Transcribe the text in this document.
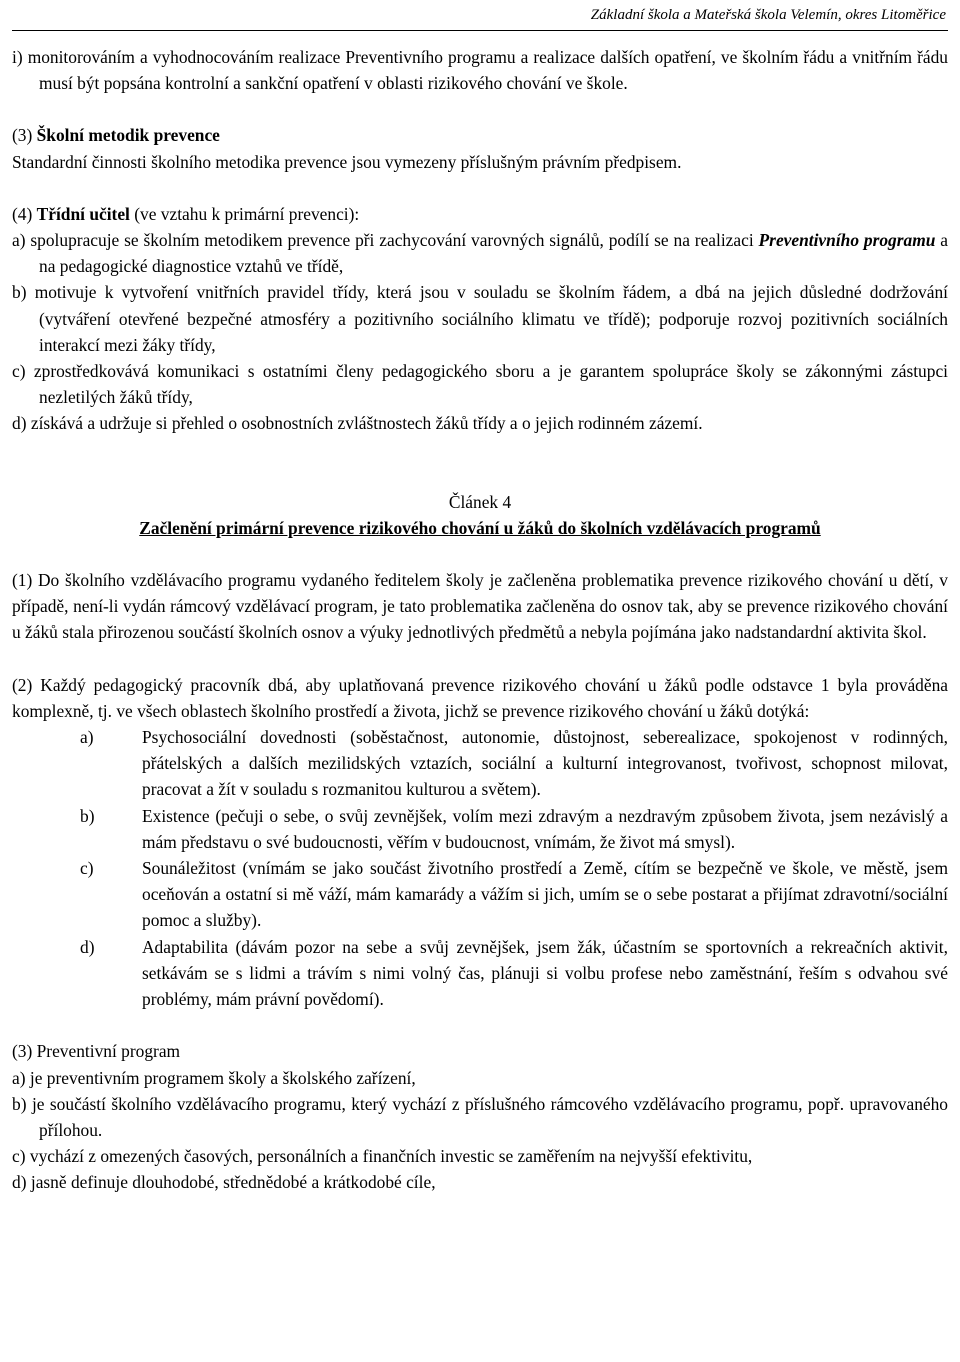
Základní škola a Mateřská škola Velemín, okres Litoměřice

i) monitorováním a vyhodnocováním realizace Preventivního programu a realizace dalších opatření, ve školním řádu a vnitřním řádu musí být popsána kontrolní a sankční opatření v oblasti rizikového chování ve škole.

(3) Školní metodik prevence

Standardní činnosti školního metodika prevence jsou vymezeny příslušným právním předpisem.

(4) Třídní učitel (ve vztahu k primární prevenci):

a) spolupracuje se školním metodikem prevence při zachycování varovných signálů, podílí se na realizaci Preventivního programu a na pedagogické diagnostice vztahů ve třídě,

b) motivuje k vytvoření vnitřních pravidel třídy, která jsou v souladu se školním řádem, a dbá na jejich důsledné dodržování (vytváření otevřené bezpečné atmosféry a pozitivního sociálního klimatu ve třídě); podporuje rozvoj pozitivních sociálních interakcí mezi žáky třídy,

c) zprostředkovává komunikaci s ostatními členy pedagogického sboru a je garantem spolupráce školy se zákonnými zástupci nezletilých žáků třídy,

d) získává a udržuje si přehled o osobnostních zvláštnostech žáků třídy a o jejich rodinném zázemí.

Článek 4

Začlenění primární prevence rizikového chování u žáků do školních vzdělávacích programů

(1) Do školního vzdělávacího programu vydaného ředitelem školy je začleněna problematika prevence rizikového chování u dětí, v případě, není-li vydán rámcový vzdělávací program, je tato problematika začleněna do osnov tak, aby se prevence rizikového chování u žáků stala přirozenou součástí školních osnov a výuky jednotlivých předmětů a nebyla pojímána jako nadstandardní aktivita škol.

(2) Každý pedagogický pracovník dbá, aby uplatňovaná prevence rizikového chování u žáků podle odstavce 1 byla prováděna komplexně, tj. ve všech oblastech školního prostředí a života, jichž se prevence rizikového chování u žáků dotýká:

a)	Psychosociální dovednosti (soběstačnost, autonomie, důstojnost, seberealizace, spokojenost v rodinných, přátelských a dalších mezilidských vztazích, sociální a kulturní integrovanost, tvořivost, schopnost milovat, pracovat a žít v souladu s rozmanitou kulturou a světem).
b)	Existence (pečuji o sebe, o svůj zevnějšek, volím mezi zdravým a nezdravým způsobem života, jsem nezávislý a mám představu o své budoucnosti, věřím v budoucnost, vnímám, že život má smysl).
c)	Sounáležitost (vnímám se jako součást životního prostředí a Země, cítím se bezpečně ve škole, ve městě, jsem oceňován a ostatní si mě váží, mám kamarády a vážím si jich, umím se o sebe postarat a přijímat zdravotní/sociální pomoc a služby).
d)	Adaptabilita (dávám pozor na sebe a svůj zevnějšek, jsem žák, účastním se sportovních a rekreačních aktivit, setkávám se s lidmi a trávím s nimi volný čas, plánuji si volbu profese nebo zaměstnání, řeším s odvahou své problémy, mám právní povědomí).

(3) Preventivní program

a) je preventivním programem školy a školského zařízení,

b) je součástí školního vzdělávacího programu, který vychází z příslušného rámcového vzdělávacího programu, popř. upravovaného přílohou.

c) vychází z omezených časových, personálních a finančních investic se zaměřením na nejvyšší efektivitu,

d) jasně definuje dlouhodobé, střednědobé a krátkodobé cíle,
